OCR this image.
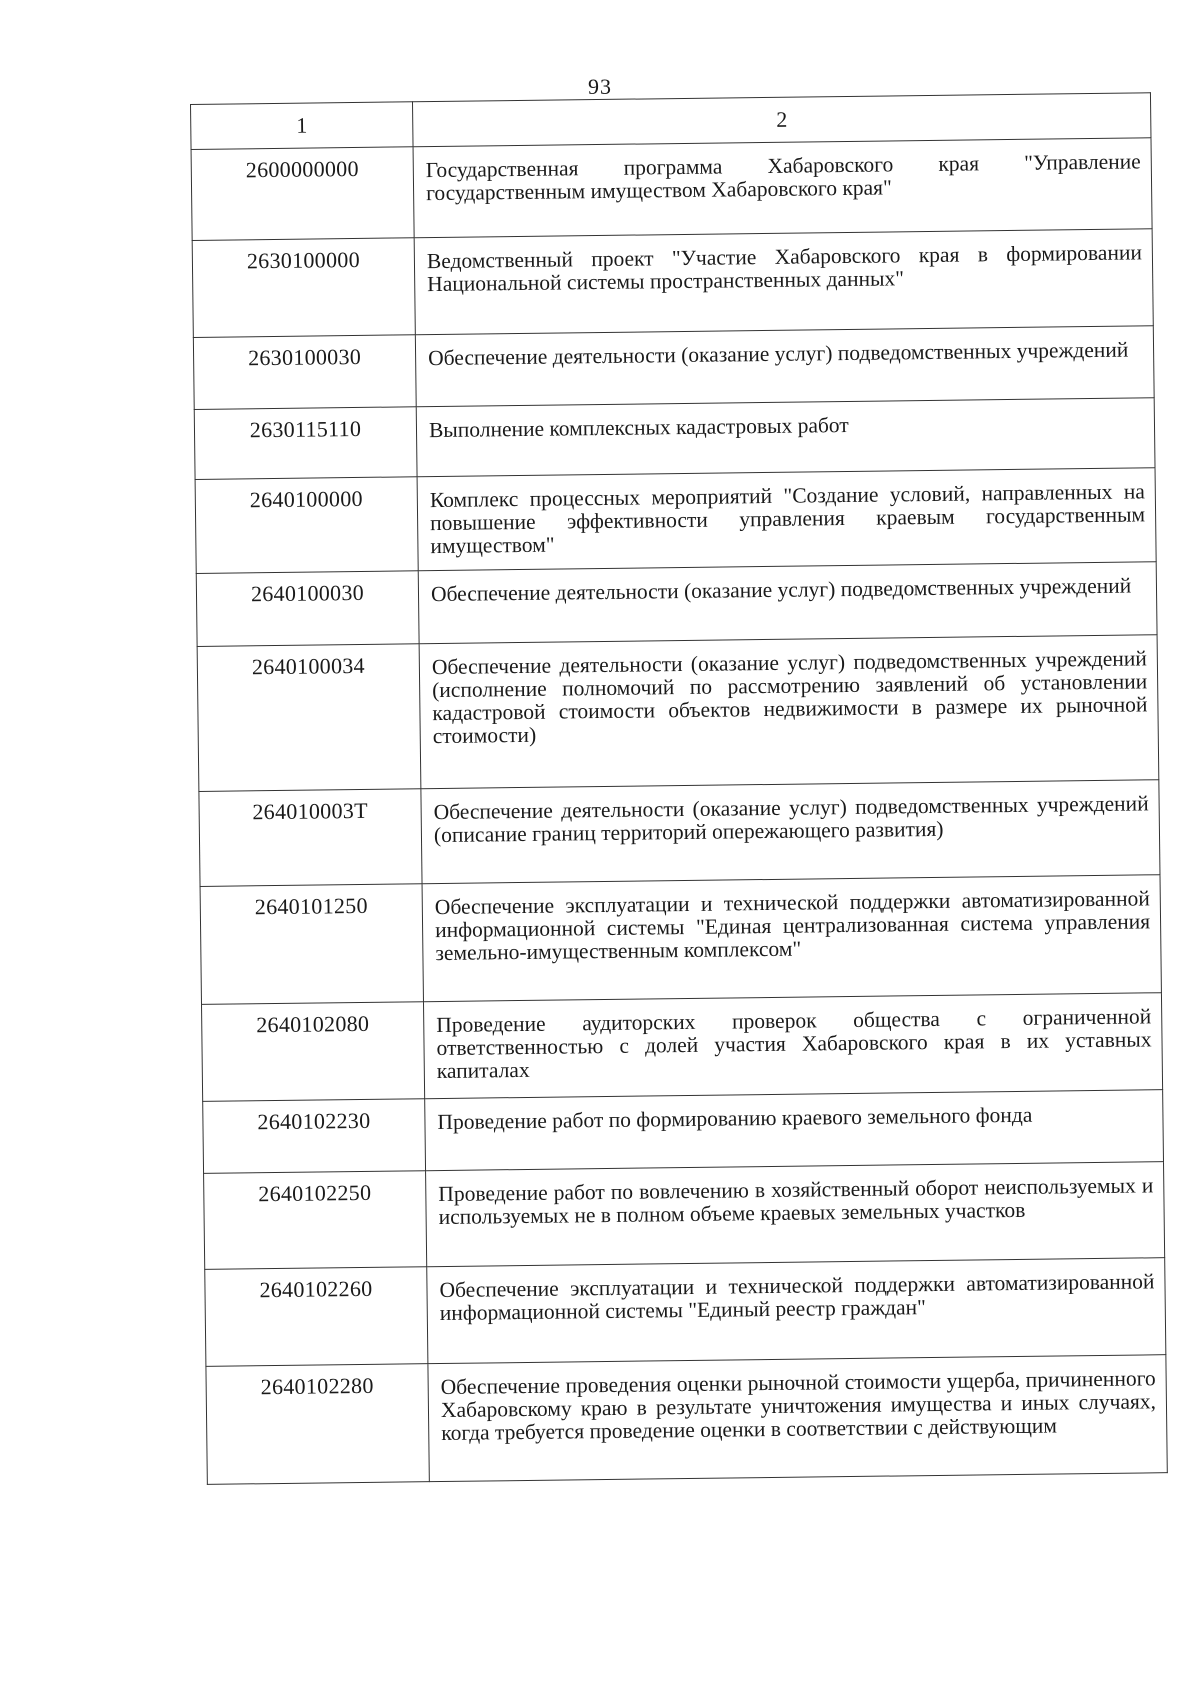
93
1	2
2600000000	Государственная программа Хабаровского края "Управление государственным имуществом Хабаровского края"
2630100000	Ведомственный проект "Участие Хабаровского края в формировании Национальной системы пространственных данных"
2630100030	Обеспечение деятельности (оказание услуг) подведомственных учреждений
2630115110	Выполнение комплексных кадастровых работ
2640100000	Комплекс процессных мероприятий "Создание условий, направленных на повышение эффективности управления краевым государственным имуществом"
2640100030	Обеспечение деятельности (оказание услуг) подведомственных учреждений
2640100034	Обеспечение деятельности (оказание услуг) подведомственных учреждений (исполнение полномочий по рассмотрению заявлений об установлении кадастровой стоимости объектов недвижимости в размере их рыночной стоимости)
264010003Т	Обеспечение деятельности (оказание услуг) подведомственных учреждений (описание границ территорий опережающего развития)
2640101250	Обеспечение эксплуатации и технической поддержки автоматизированной информационной системы "Единая централизованная система управления земельно-имущественным комплексом"
2640102080	Проведение аудиторских проверок общества с ограниченной ответственностью с долей участия Хабаровского края в их уставных капиталах
2640102230	Проведение работ по формированию краевого земельного фонда
2640102250	Проведение работ по вовлечению в хозяйственный оборот неиспользуемых и используемых не в полном объеме краевых земельных участков
2640102260	Обеспечение эксплуатации и технической поддержки автоматизированной информационной системы "Единый реестр граждан"
2640102280	Обеспечение проведения оценки рыночной стоимости ущерба, причиненного Хабаровскому краю в результате уничтожения имущества и иных случаях, когда требуется проведение оценки в соответствии с действующим
